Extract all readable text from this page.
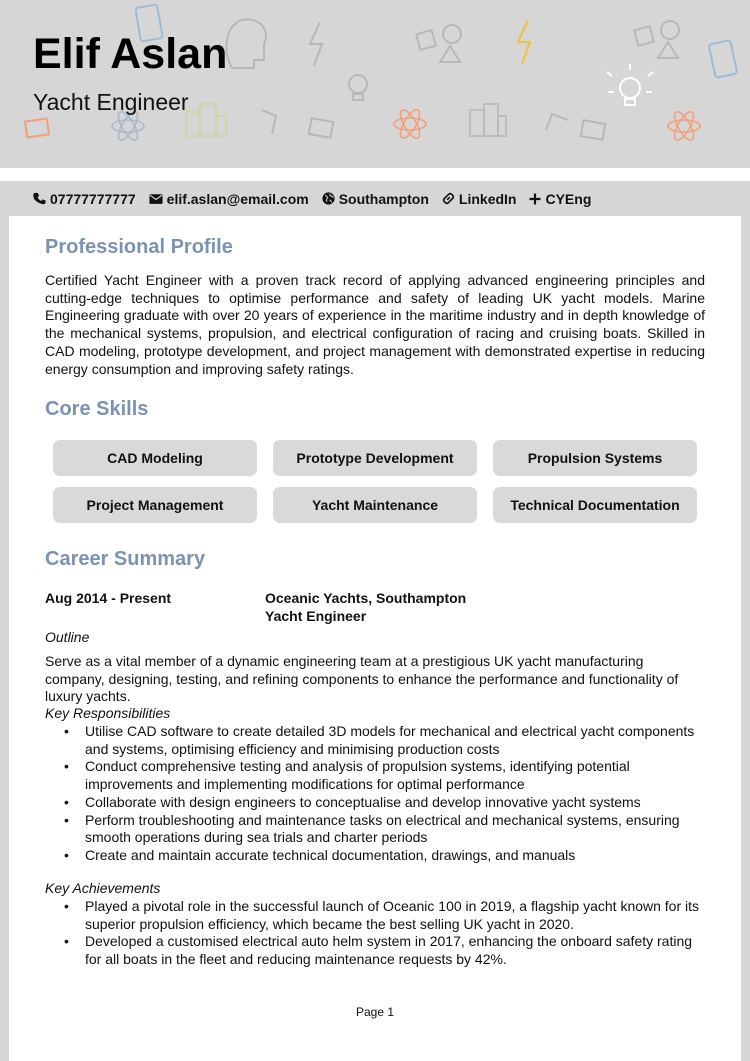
Elif Aslan
Yacht Engineer
07777777777 elif.aslan@email.com Southampton LinkedIn CYEng
Professional Profile
Certified Yacht Engineer with a proven track record of applying advanced engineering principles and cutting-edge techniques to optimise performance and safety of leading UK yacht models. Marine Engineering graduate with over 20 years of experience in the maritime industry and in depth knowledge of the mechanical systems, propulsion, and electrical configuration of racing and cruising boats. Skilled in CAD modeling, prototype development, and project management with demonstrated expertise in reducing energy consumption and improving safety ratings.
Core Skills
CAD Modeling	Prototype Development	Propulsion Systems
Project Management	Yacht Maintenance	Technical Documentation
Career Summary
Aug 2014 - Present	Oceanic Yachts, Southampton
Yacht Engineer
Outline
Serve as a vital member of a dynamic engineering team at a prestigious UK yacht manufacturing company, designing, testing, and refining components to enhance the performance and functionality of luxury yachts.
Key Responsibilities
• Utilise CAD software to create detailed 3D models for mechanical and electrical yacht components and systems, optimising efficiency and minimising production costs
• Conduct comprehensive testing and analysis of propulsion systems, identifying potential improvements and implementing modifications for optimal performance
• Collaborate with design engineers to conceptualise and develop innovative yacht systems
• Perform troubleshooting and maintenance tasks on electrical and mechanical systems, ensuring smooth operations during sea trials and charter periods
• Create and maintain accurate technical documentation, drawings, and manuals
Key Achievements
• Played a pivotal role in the successful launch of Oceanic 100 in 2019, a flagship yacht known for its superior propulsion efficiency, which became the best selling UK yacht in 2020.
• Developed a customised electrical auto helm system in 2017, enhancing the onboard safety rating for all boats in the fleet and reducing maintenance requests by 42%.
Page 1
